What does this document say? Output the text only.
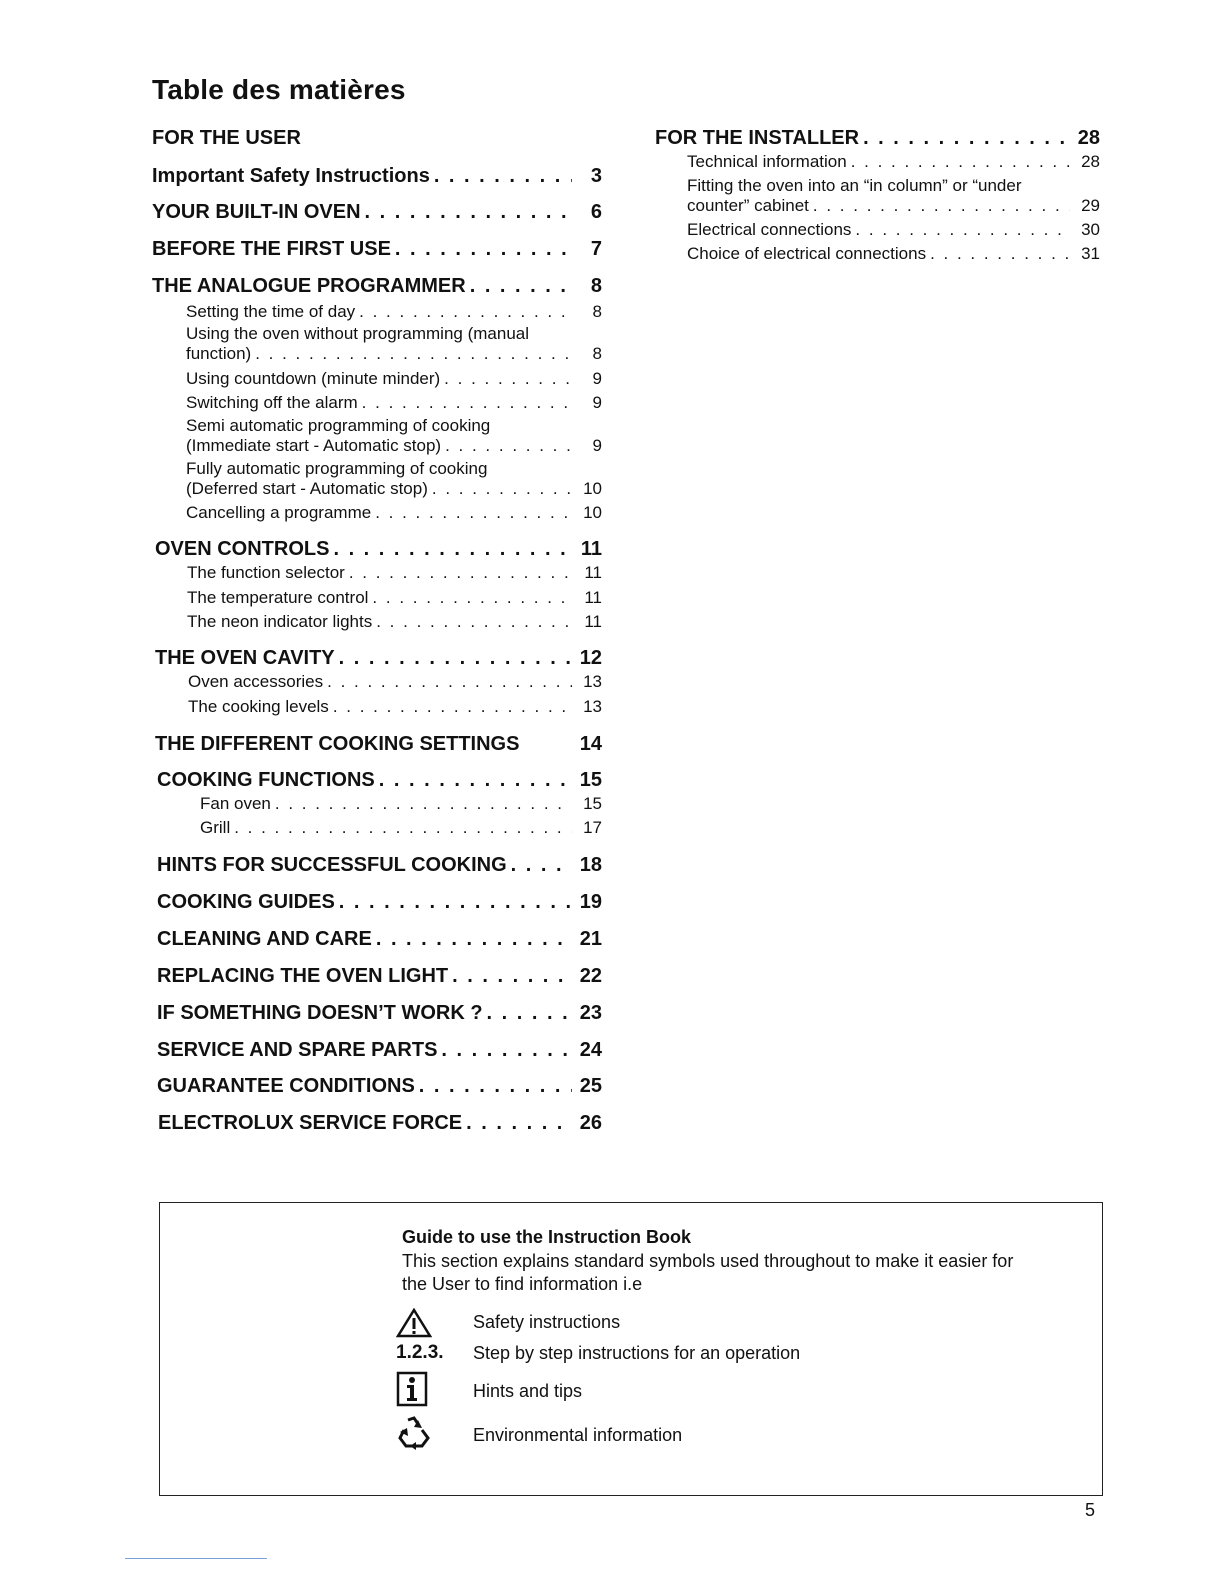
Table des matières
FOR THE USER
Important Safety Instructions . . .	3
YOUR BUILT-IN OVEN . . .	6
BEFORE THE FIRST USE . . .	7
THE ANALOGUE PROGRAMMER . . .	8
Setting the time of day . . .	8
Using the oven without programming (manual
function) . . .	8
Using countdown (minute minder) . . .	9
Switching off the alarm . . .	9
Semi automatic programming of cooking
(Immediate start - Automatic stop) . . .	9
Fully automatic programming of cooking
(Deferred start - Automatic stop) . . .	10
Cancelling a programme . . .	10
OVEN CONTROLS . . .	11
The function selector . . .	11
The temperature control . . .	11
The neon indicator lights . . .	11
THE OVEN CAVITY . . .	12
Oven accessories . . .	13
The cooking levels . . .	13
THE DIFFERENT COOKING SETTINGS	14
COOKING FUNCTIONS . . .	15
Fan oven . . .	15
Grill . . .	17
HINTS FOR SUCCESSFUL COOKING . . .	18
COOKING GUIDES . . .	19
CLEANING AND CARE . . .	21
REPLACING THE OVEN LIGHT . . .	22
IF SOMETHING DOESN’T WORK ? . . .	23
SERVICE AND SPARE PARTS . . .	24
GUARANTEE CONDITIONS . . .	25
ELECTROLUX SERVICE FORCE . . .	26
FOR THE INSTALLER . . .	28
Technical information . . .	28
Fitting the oven into an “in column” or “under
counter” cabinet . . .	29
Electrical connections . . .	30
Choice of electrical connections . . .	31
Guide to use the Instruction Book
This section explains standard symbols used throughout to make it easier for the User to find information i.e
Safety instructions
1.2.3.	Step by step instructions for an operation
Hints and tips
Environmental information
5
